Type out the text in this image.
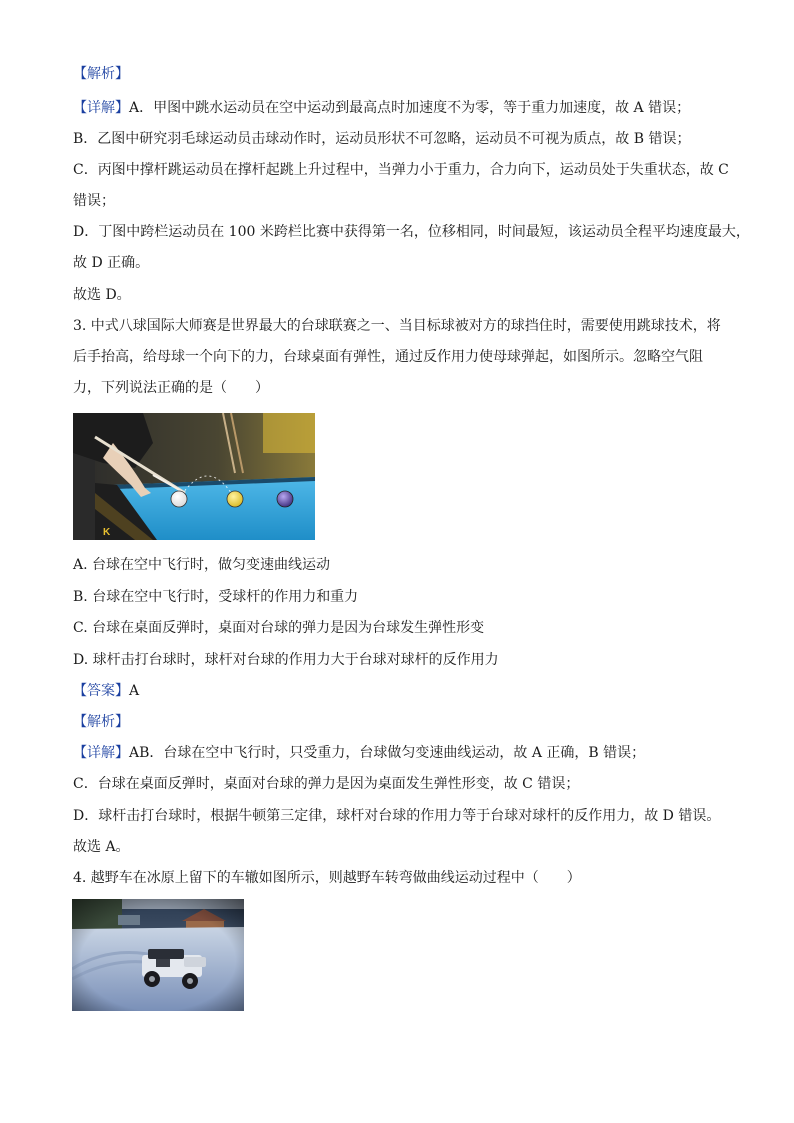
【解析】
【详解】A．甲图中跳水运动员在空中运动到最高点时加速度不为零，等于重力加速度，故 A 错误；
B．乙图中研究羽毛球运动员击球动作时，运动员形状不可忽略，运动员不可视为质点，故 B 错误；
C．丙图中撑杆跳运动员在撑杆起跳上升过程中，当弹力小于重力，合力向下，运动员处于失重状态，故 C
错误；
D．丁图中跨栏运动员在 100 米跨栏比赛中获得第一名，位移相同，时间最短，该运动员全程平均速度最大，
故 D 正确。
故选 D。
3. 中式八球国际大师赛是世界最大的台球联赛之一、当目标球被对方的球挡住时，需要使用跳球技术，将
后手抬高，给母球一个向下的力，台球桌面有弹性，通过反作用力使母球弹起，如图所示。忽略空气阻
力，下列说法正确的是（　　）
K
A. 台球在空中飞行时，做匀变速曲线运动
B. 台球在空中飞行时，受球杆的作用力和重力
C. 台球在桌面反弹时，桌面对台球的弹力是因为台球发生弹性形变
D. 球杆击打台球时，球杆对台球的作用力大于台球对球杆的反作用力
【答案】A
【解析】
【详解】AB．台球在空中飞行时，只受重力，台球做匀变速曲线运动，故 A 正确，B 错误；
C．台球在桌面反弹时，桌面对台球的弹力是因为桌面发生弹性形变，故 C 错误；
D．球杆击打台球时，根据牛顿第三定律，球杆对台球的作用力等于台球对球杆的反作用力，故 D 错误。
故选 A。
4. 越野车在冰原上留下的车辙如图所示，则越野车转弯做曲线运动过程中（　　）
